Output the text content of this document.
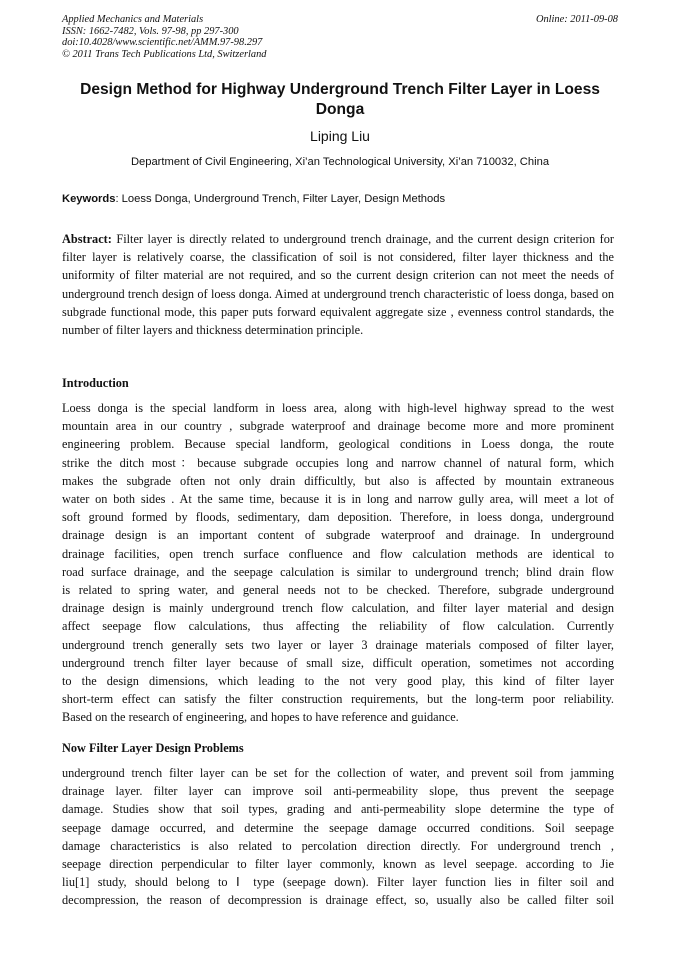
Applied Mechanics and Materials
ISSN: 1662-7482, Vols. 97-98, pp 297-300
doi:10.4028/www.scientific.net/AMM.97-98.297
© 2011 Trans Tech Publications Ltd, Switzerland
Online: 2011-09-08
Design Method for Highway Underground Trench Filter Layer in Loess Donga
Liping Liu
Department of Civil Engineering, Xi’an Technological University, Xi’an 710032, China
Keywords: Loess Donga, Underground Trench, Filter Layer, Design Methods

Abstract: Filter layer is directly related to underground trench drainage, and the current design criterion for filter layer is relatively coarse, the classification of soil is not considered, filter layer thickness and the uniformity of filter material are not required, and so the current design criterion can not meet the needs of underground trench design of loess donga. Aimed at underground trench characteristic of loess donga, based on subgrade functional mode, this paper puts forward equivalent aggregate size , evenness control standards, the number of filter layers and thickness determination principle.

Introduction
Loess donga is the special landform in loess area, along with high-level highway spread to the west
mountain area in our country , subgrade waterproof and drainage become more and more prominent
engineering problem. Because special landform, geological conditions in Loess donga, the route
strike the ditch most：because subgrade occupies long and narrow channel of natural form, which
makes the subgrade often not only drain difficultly, but also is affected by mountain extraneous
water on both sides . At the same time, because it is in long and narrow gully area, will meet a lot of
soft ground formed by floods, sedimentary, dam deposition. Therefore, in loess donga, underground
drainage design is an important content of subgrade waterproof and drainage. In underground
drainage facilities, open trench surface confluence and flow calculation methods are identical to
road surface drainage, and the seepage calculation is similar to underground trench; blind drain flow
is related to spring water, and general needs not to be checked. Therefore, subgrade underground
drainage design is mainly underground trench flow calculation, and filter layer material and design
affect seepage flow calculations, thus affecting the reliability of flow calculation. Currently
underground trench generally sets two layer or layer 3 drainage materials composed of filter layer,
underground trench filter layer because of small size, difficult operation, sometimes not according
to the design dimensions, which leading to the not very good play, this kind of filter layer
short-term effect can satisfy the filter construction requirements, but the long-term poor reliability.
Based on the research of engineering, and hopes to have reference and guidance.
Now Filter Layer Design Problems
underground trench filter layer can be set for the collection of water, and prevent soil from jamming
drainage layer. filter layer can improve soil anti-permeability slope, thus prevent the seepage
damage. Studies show that soil types, grading and anti-permeability slope determine the type of
seepage damage occurred, and determine the seepage damage occurred conditions. Soil seepage
damage characteristics is also related to percolation direction directly. For underground trench ,
seepage direction perpendicular to filter layer commonly, known as level seepage. according to Jie
liu[1] study, should belong to Ⅰ type (seepage down). Filter layer function lies in filter soil and
decompression, the reason of decompression is drainage effect, so, usually also be called filter soil
